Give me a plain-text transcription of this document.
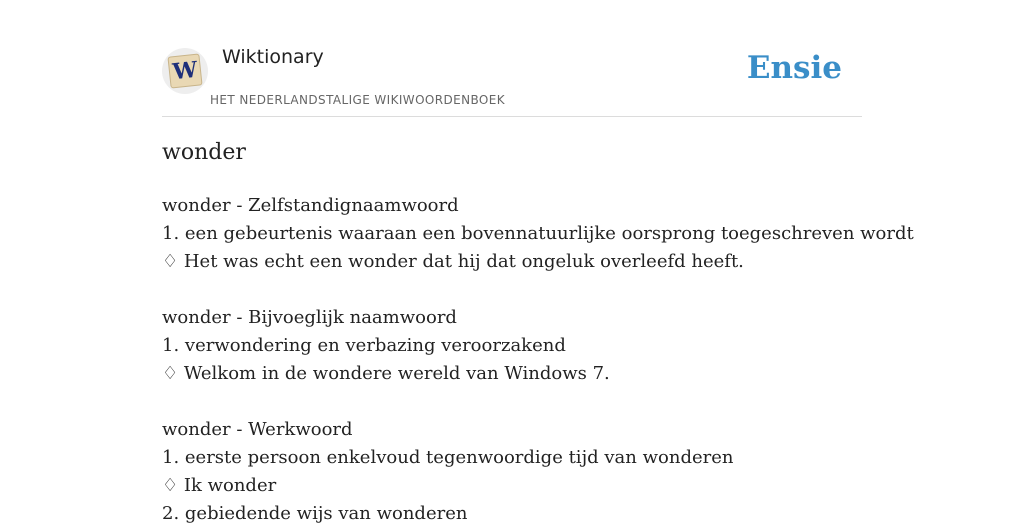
W Wiktionary
HET NEDERLANDSTALIGE WIKIWOORDENBOEK
Ensie
wonder
wonder - Zelfstandignaamwoord
1. een gebeurtenis waaraan een bovennatuurlijke oorsprong toegeschreven wordt
♢ Het was echt een wonder dat hij dat ongeluk overleefd heeft.
wonder - Bijvoeglijk naamwoord
1. verwondering en verbazing veroorzakend
♢ Welkom in de wondere wereld van Windows 7.
wonder - Werkwoord
1. eerste persoon enkelvoud tegenwoordige tijd van wonderen
♢ Ik wonder
2. gebiedende wijs van wonderen
